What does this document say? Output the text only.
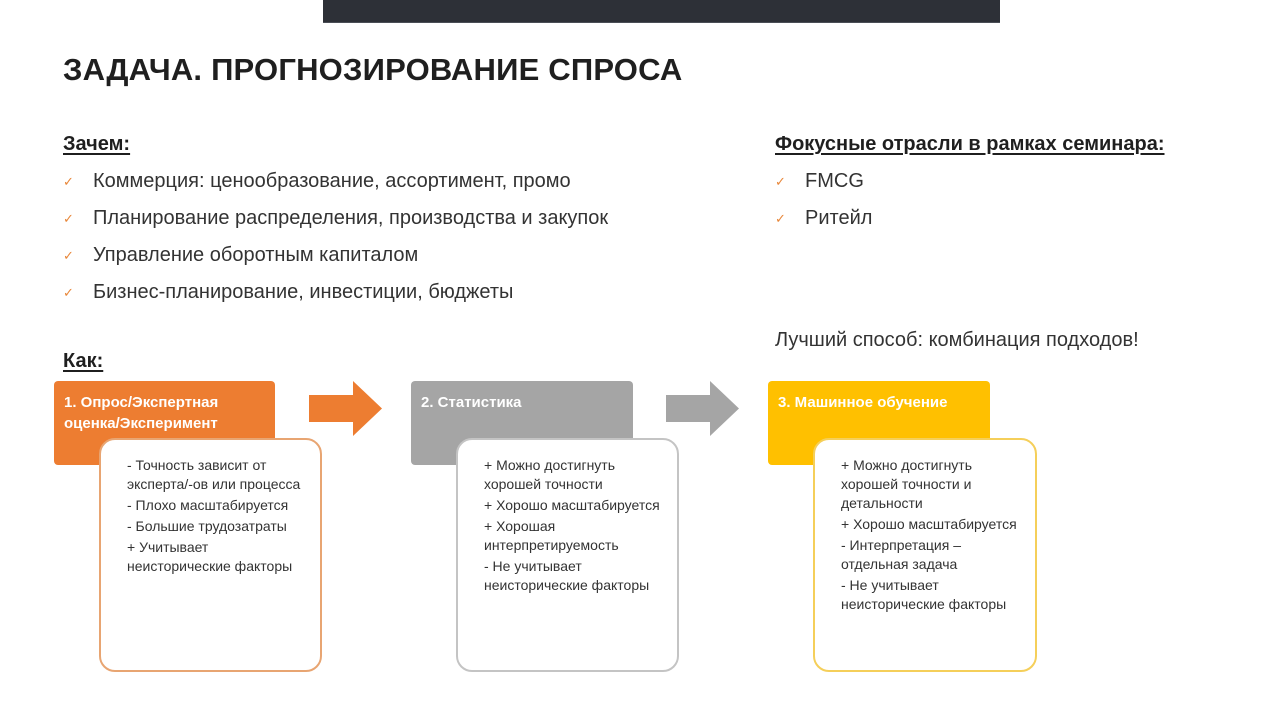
ЗАДАЧА. ПРОГНОЗИРОВАНИЕ СПРОСА
Зачем:
✓ Коммерция: ценообразование, ассортимент, промо
✓ Планирование распределения, производства и закупок
✓ Управление оборотным капиталом
✓ Бизнес-планирование, инвестиции, бюджеты
Фокусные отрасли в рамках семинара:
✓ FMCG
✓ Ритейл
Лучший способ: комбинация подходов!
Как:
1. Опрос/Экспертная оценка/Эксперимент
- Точность зависит от эксперта/-ов или процесса
- Плохо масштабируется
- Большие трудозатраты
+ Учитывает неисторические факторы
2. Статистика
+ Можно достигнуть хорошей точности
+ Хорошо масштабируется
+ Хорошая интерпретируемость
- Не учитывает неисторические факторы
3. Машинное обучение
+ Можно достигнуть хорошей точности и детальности
+ Хорошо масштабируется
- Интерпретация – отдельная задача
- Не учитывает неисторические факторы
